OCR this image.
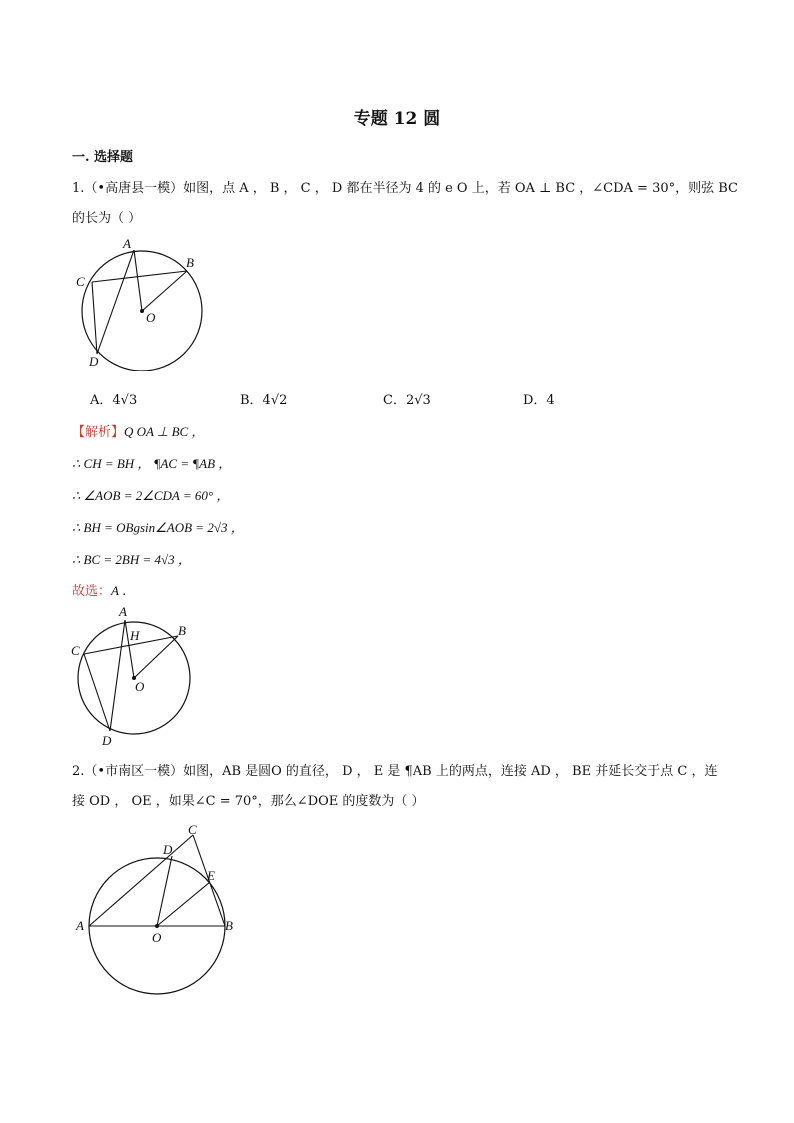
专题 12 圆
一. 选择题
1.（•高唐县一模）如图，点 A ， B ， C ， D 都在半径为 4 的 e O 上，若 OA ⊥ BC ，∠CDA = 30°，则弦 BC
的长为（ ）
A
B
C
D
O
A．4√3	B．4√2	C．2√3	D．4
【解析】Q OA ⊥ BC ，
∴ CH = BH ， ¶AC = ¶AB ，
∴ ∠AOB = 2∠CDA = 60° ，
∴ BH = OBgsin∠AOB = 2√3 ，
∴ BC = 2BH = 4√3 ，
故选：A ．
A
H	B
C
D
O
2.（•市南区一模）如图，AB 是圆O 的直径， D ， E 是 ¶AB 上的两点，连接 AD ， BE 并延长交于点 C ，连
接 OD ， OE ，如果∠C = 70°，那么∠DOE 的度数为（ ）
C
D
E
A	B
O
